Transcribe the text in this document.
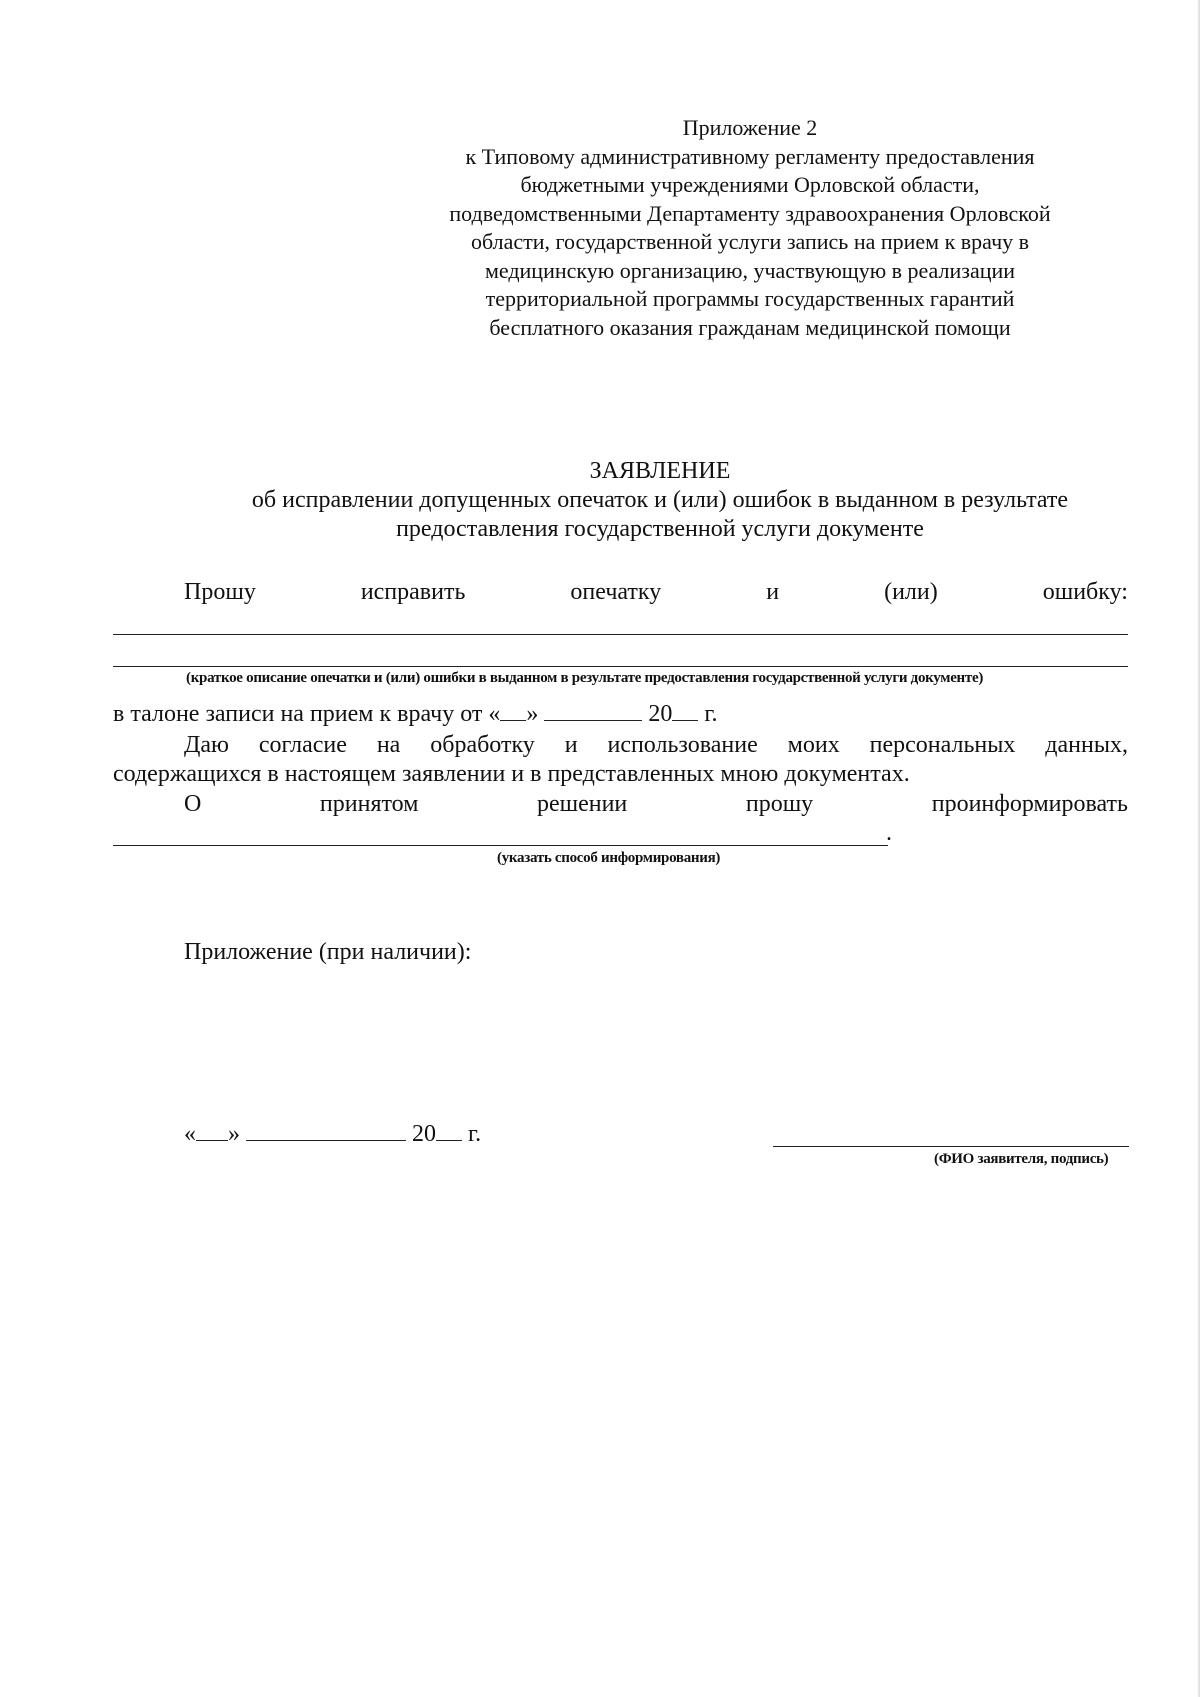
Приложение 2
к Типовому административному регламенту предоставления
бюджетными учреждениями Орловской области,
подведомственными Департаменту здравоохранения Орловской
области, государственной услуги запись на прием к врачу в
медицинскую организацию, участвующую в реализации
территориальной программы государственных гарантий
бесплатного оказания гражданам медицинской помощи
ЗАЯВЛЕНИЕ
об исправлении допущенных опечаток и (или) ошибок в выданном в результате
предоставления государственной услуги документе
Прошу	исправить	опечатку	и	(или)	ошибку:
(краткое описание опечатки и (или) ошибки в выданном в результате предоставления государственной услуги документе)
в талоне записи на прием к врачу от « »	20 г.
Даю согласие на обработку и использование моих персональных данных,
содержащихся в настоящем заявлении и в представленных мною документах.
О	принятом	решении	прошу	проинформировать
.
(указать способ информирования)
Приложение (при наличии):
« »	20 г.
(ФИО заявителя, подпись)
